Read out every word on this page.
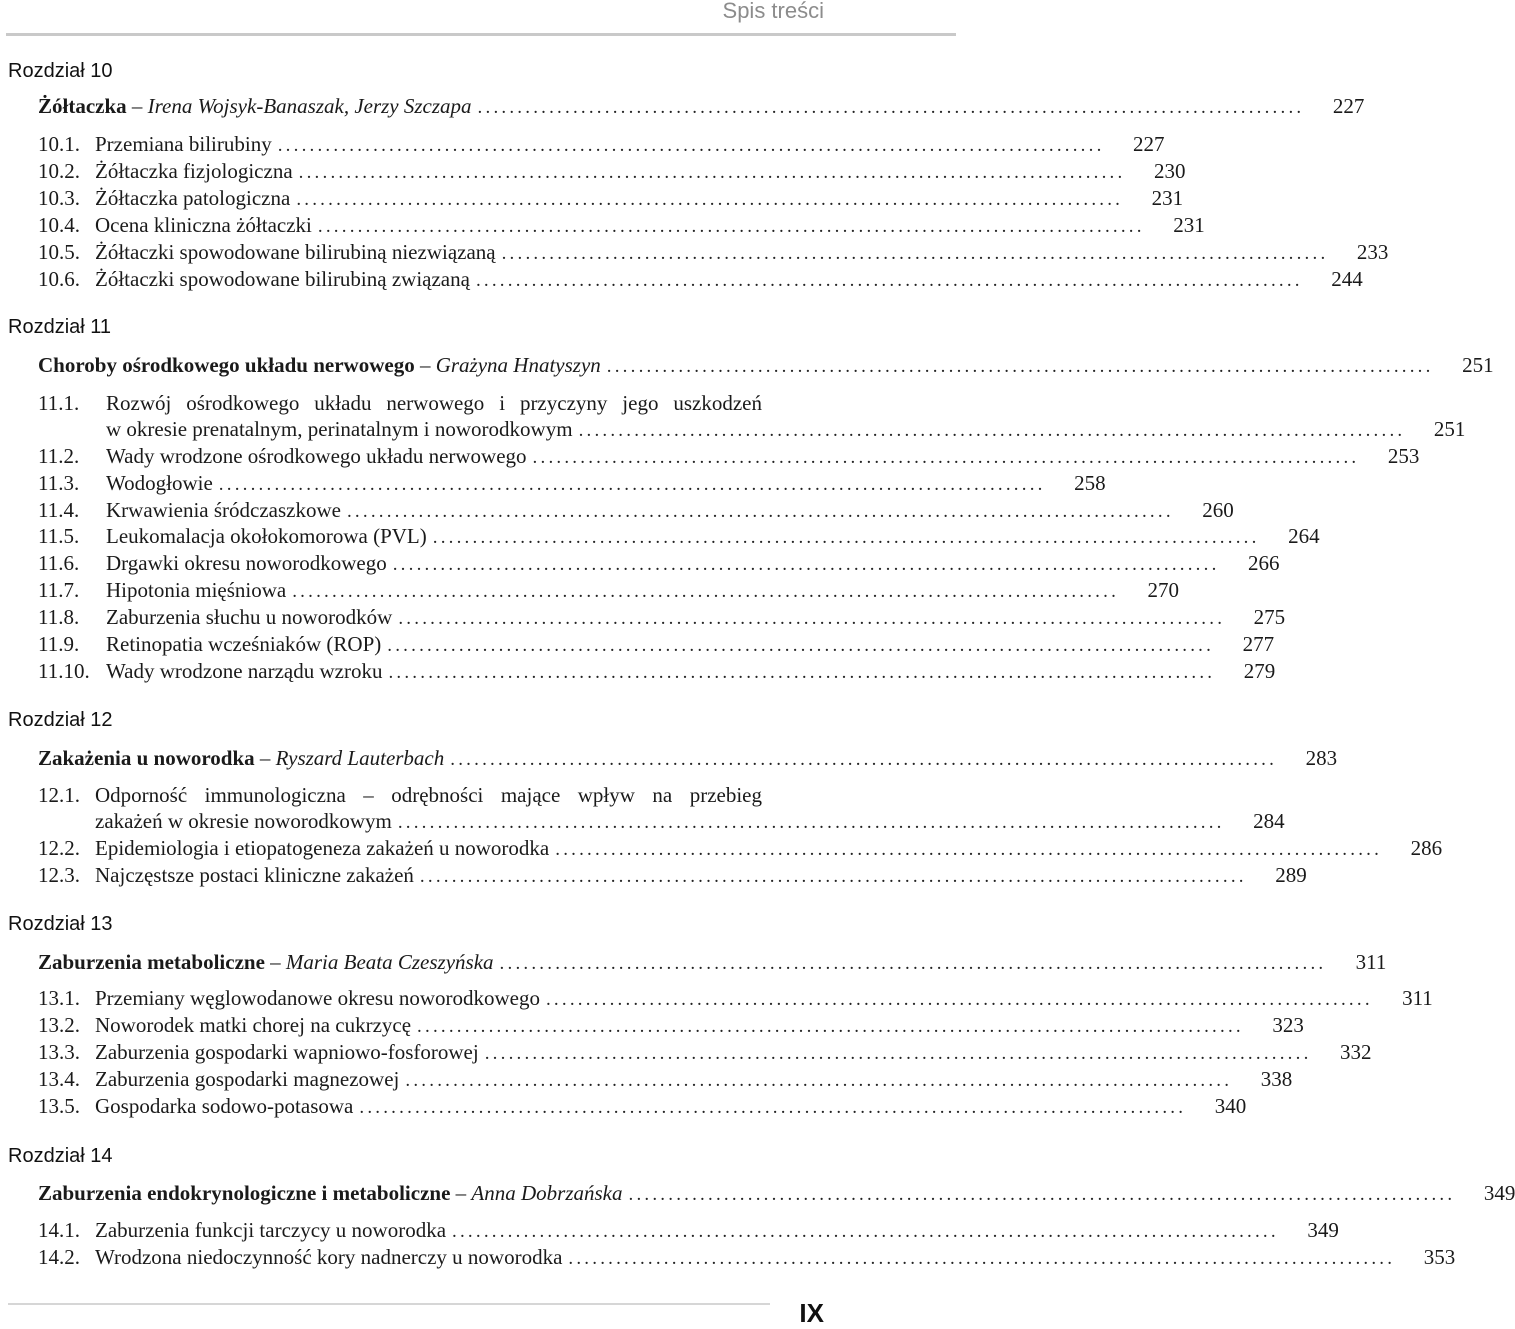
Spis treści
Rozdział 10
Żółtaczka – Irena Wojsyk-Banaszak, Jerzy Szczapa ........................................................................................................	227
10.1. Przemiana bilirubiny ........................................................................................................	227
10.2. Żółtaczka fizjologiczna ........................................................................................................	230
10.3. Żółtaczka patologiczna ........................................................................................................	231
10.4. Ocena kliniczna żółtaczki ........................................................................................................	231
10.5. Żółtaczki spowodowane bilirubiną niezwiązaną ........................................................................................................	233
10.6. Żółtaczki spowodowane bilirubiną związaną ........................................................................................................	244
Rozdział 11
Choroby ośrodkowego układu nerwowego – Grażyna Hnatyszyn ........................................................................................................	251
11.1. Rozwój ośrodkowego układu nerwowego i przyczyny jego uszkodzeń
w okresie prenatalnym, perinatalnym i noworodkowym ........................................................................................................	251
11.2. Wady wrodzone ośrodkowego układu nerwowego ........................................................................................................	253
11.3. Wodogłowie ........................................................................................................	258
11.4. Krwawienia śródczaszkowe ........................................................................................................	260
11.5. Leukomalacja okołokomorowa (PVL) ........................................................................................................	264
11.6. Drgawki okresu noworodkowego ........................................................................................................	266
11.7. Hipotonia mięśniowa ........................................................................................................	270
11.8. Zaburzenia słuchu u noworodków ........................................................................................................	275
11.9. Retinopatia wcześniaków (ROP) ........................................................................................................	277
11.10. Wady wrodzone narządu wzroku ........................................................................................................	279
Rozdział 12
Zakażenia u noworodka – Ryszard Lauterbach ........................................................................................................	283
12.1. Odporność immunologiczna – odrębności mające wpływ na przebieg
zakażeń w okresie noworodkowym ........................................................................................................	284
12.2. Epidemiologia i etiopatogeneza zakażeń u noworodka ........................................................................................................	286
12.3. Najczęstsze postaci kliniczne zakażeń ........................................................................................................	289
Rozdział 13
Zaburzenia metaboliczne – Maria Beata Czeszyńska ........................................................................................................	311
13.1. Przemiany węglowodanowe okresu noworodkowego ........................................................................................................	311
13.2. Noworodek matki chorej na cukrzycę ........................................................................................................	323
13.3. Zaburzenia gospodarki wapniowo-fosforowej ........................................................................................................	332
13.4. Zaburzenia gospodarki magnezowej ........................................................................................................	338
13.5. Gospodarka sodowo-potasowa ........................................................................................................	340
Rozdział 14
Zaburzenia endokrynologiczne i metaboliczne – Anna Dobrzańska ........................................................................................................	349
14.1. Zaburzenia funkcji tarczycy u noworodka ........................................................................................................	349
14.2. Wrodzona niedoczynność kory nadnerczy u noworodka ........................................................................................................	353
IX
